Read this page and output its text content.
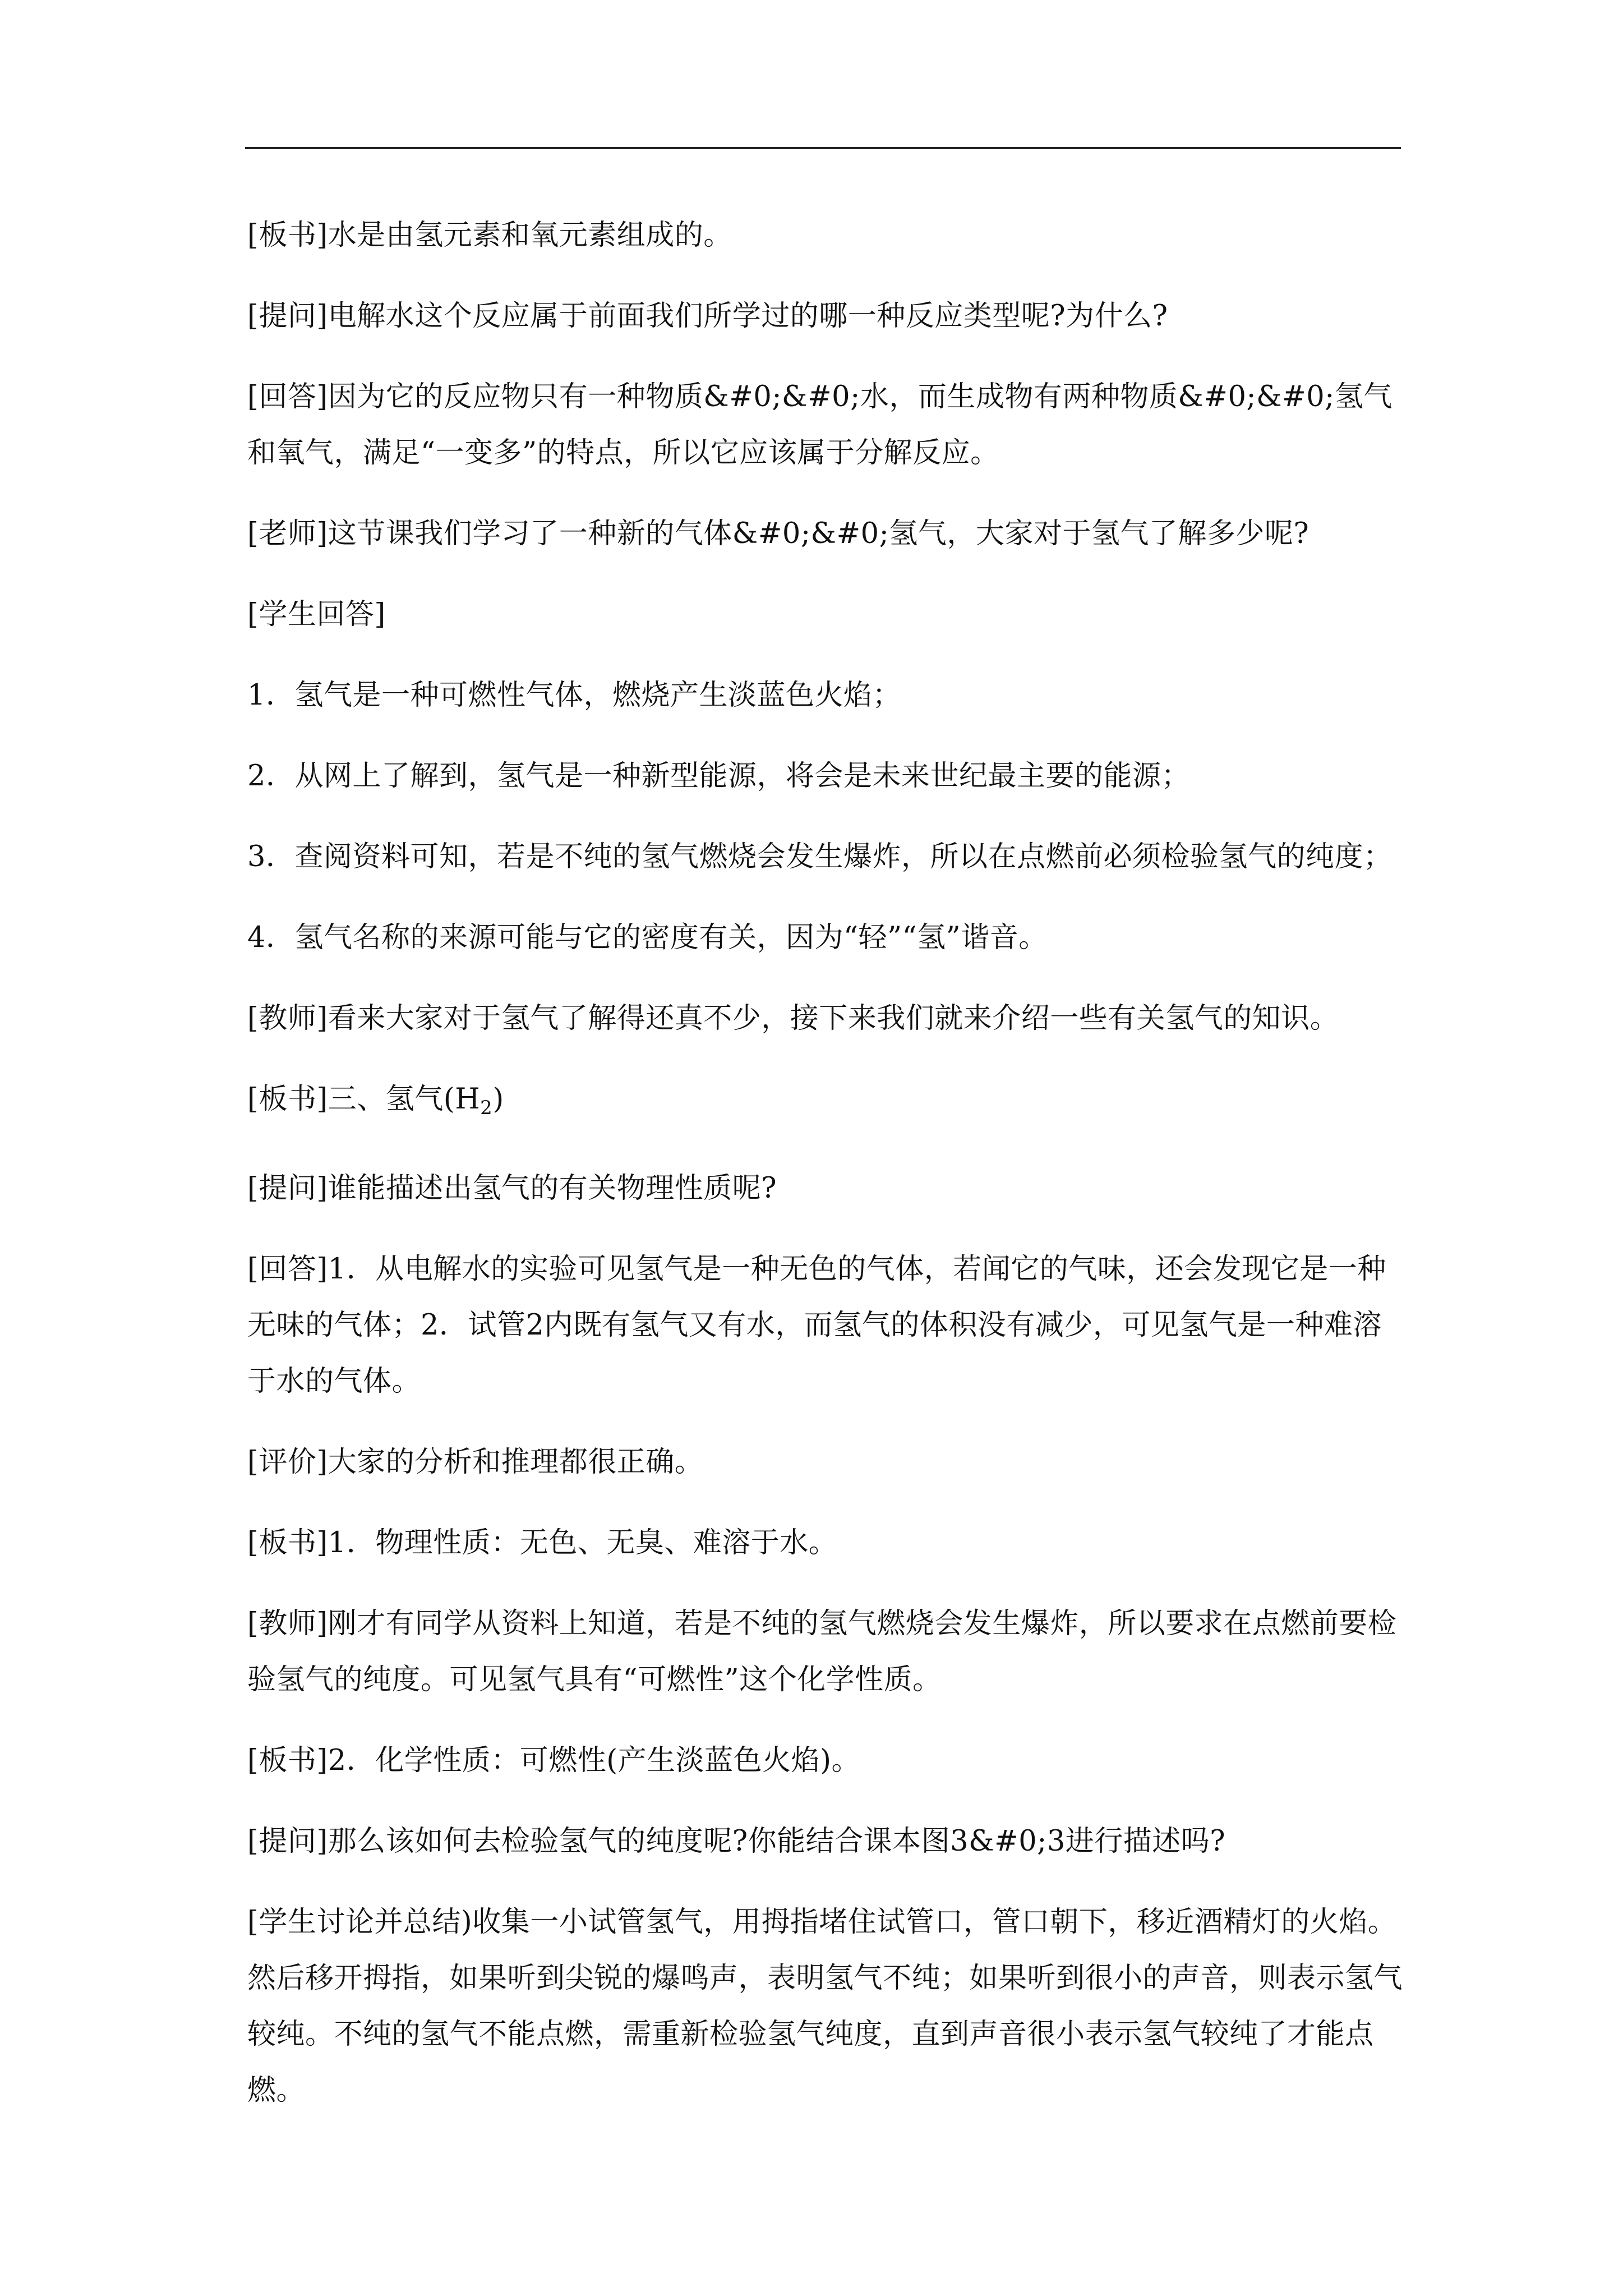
[板书]水是由氢元素和氧元素组成的。

[提问]电解水这个反应属于前面我们所学过的哪一种反应类型呢?为什么?

[回答]因为它的反应物只有一种物质&#0;&#0;水，而生成物有两种物质&#0;&#0;氢气和氧气，满足“一变多”的特点，所以它应该属于分解反应。

[老师]这节课我们学习了一种新的气体&#0;&#0;氢气，大家对于氢气了解多少呢?

[学生回答]

1．氢气是一种可燃性气体，燃烧产生淡蓝色火焰；

2．从网上了解到，氢气是一种新型能源，将会是未来世纪最主要的能源；

3．查阅资料可知，若是不纯的氢气燃烧会发生爆炸，所以在点燃前必须检验氢气的纯度；

4．氢气名称的来源可能与它的密度有关，因为“轻”“氢”谐音。

[教师]看来大家对于氢气了解得还真不少，接下来我们就来介绍一些有关氢气的知识。

[板书]三、氢气$(H_2)$

[提问]谁能描述出氢气的有关物理性质呢?

[回答]1．从电解水的实验可见氢气是一种无色的气体，若闻它的气味，还会发现它是一种无味的气体；2．试管2内既有氢气又有水，而氢气的体积没有减少，可见氢气是一种难溶于水的气体。

[评价]大家的分析和推理都很正确。

[板书]1．物理性质：无色、无臭、难溶于水。

[教师]刚才有同学从资料上知道，若是不纯的氢气燃烧会发生爆炸，所以要求在点燃前要检验氢气的纯度。可见氢气具有“可燃性”这个化学性质。

[板书]2．化学性质：可燃性(产生淡蓝色火焰)。

[提问]那么该如何去检验氢气的纯度呢?你能结合课本图3&#0;3进行描述吗?

[学生讨论并总结)收集一小试管氢气，用拇指堵住试管口，管口朝下，移近酒精灯的火焰。然后移开拇指，如果听到尖锐的爆鸣声，表明氢气不纯；如果听到很小的声音，则表示氢气较纯。不纯的氢气不能点燃，需重新检验氢气纯度，直到声音很小表示氢气较纯了才能点燃。
